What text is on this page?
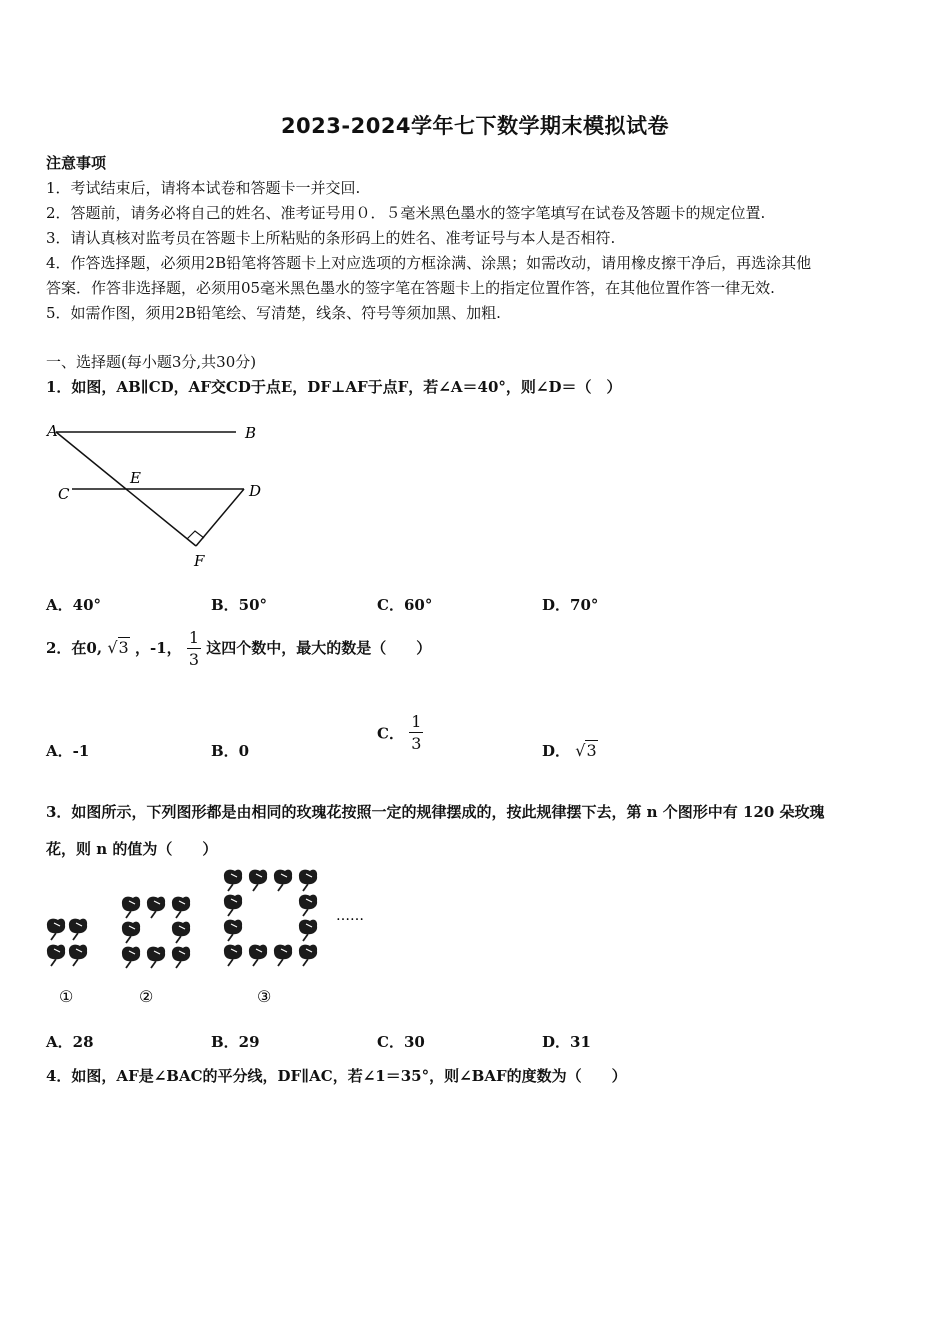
2023-2024学年七下数学期末模拟试卷
注意事项
1．考试结束后，请将本试卷和答题卡一并交回.
2．答题前，请务必将自己的姓名、准考证号用０．５毫米黑色墨水的签字笔填写在试卷及答题卡的规定位置.
3．请认真核对监考员在答题卡上所粘贴的条形码上的姓名、准考证号与本人是否相符.
4．作答选择题，必须用2B铅笔将答题卡上对应选项的方框涂满、涂黑；如需改动，请用橡皮擦干净后，再选涂其他
答案．作答非选择题，必须用05毫米黑色墨水的签字笔在答题卡上的指定位置作答，在其他位置作答一律无效.
5．如需作图，须用2B铅笔绘、写清楚，线条、符号等须加黑、加粗.
一、选择题(每小题3分,共30分)
1．如图，AB∥CD，AF交CD于点E，DF⊥AF于点F，若∠A＝40°，则∠D＝（　）
A	B
C	D
E
F
A．40°	B．50°	C．60°	D．70°
2．在0, √3 ，-1， $\frac{1}{3}$ 这四个数中，最大的数是（　　）
A．-1	B．0
C． $\frac{1}{3}$	D． √3
3．如图所示，下列图形都是由相同的玫瑰花按照一定的规律摆成的，按此规律摆下去，第 n 个图形中有 120 朵玫瑰
花，则 n 的值为（　　）
①	②	③
……
A．28	B．29	C．30	D．31
4．如图，AF是∠BAC的平分线，DF∥AC，若∠1＝35°，则∠BAF的度数为（　　）
